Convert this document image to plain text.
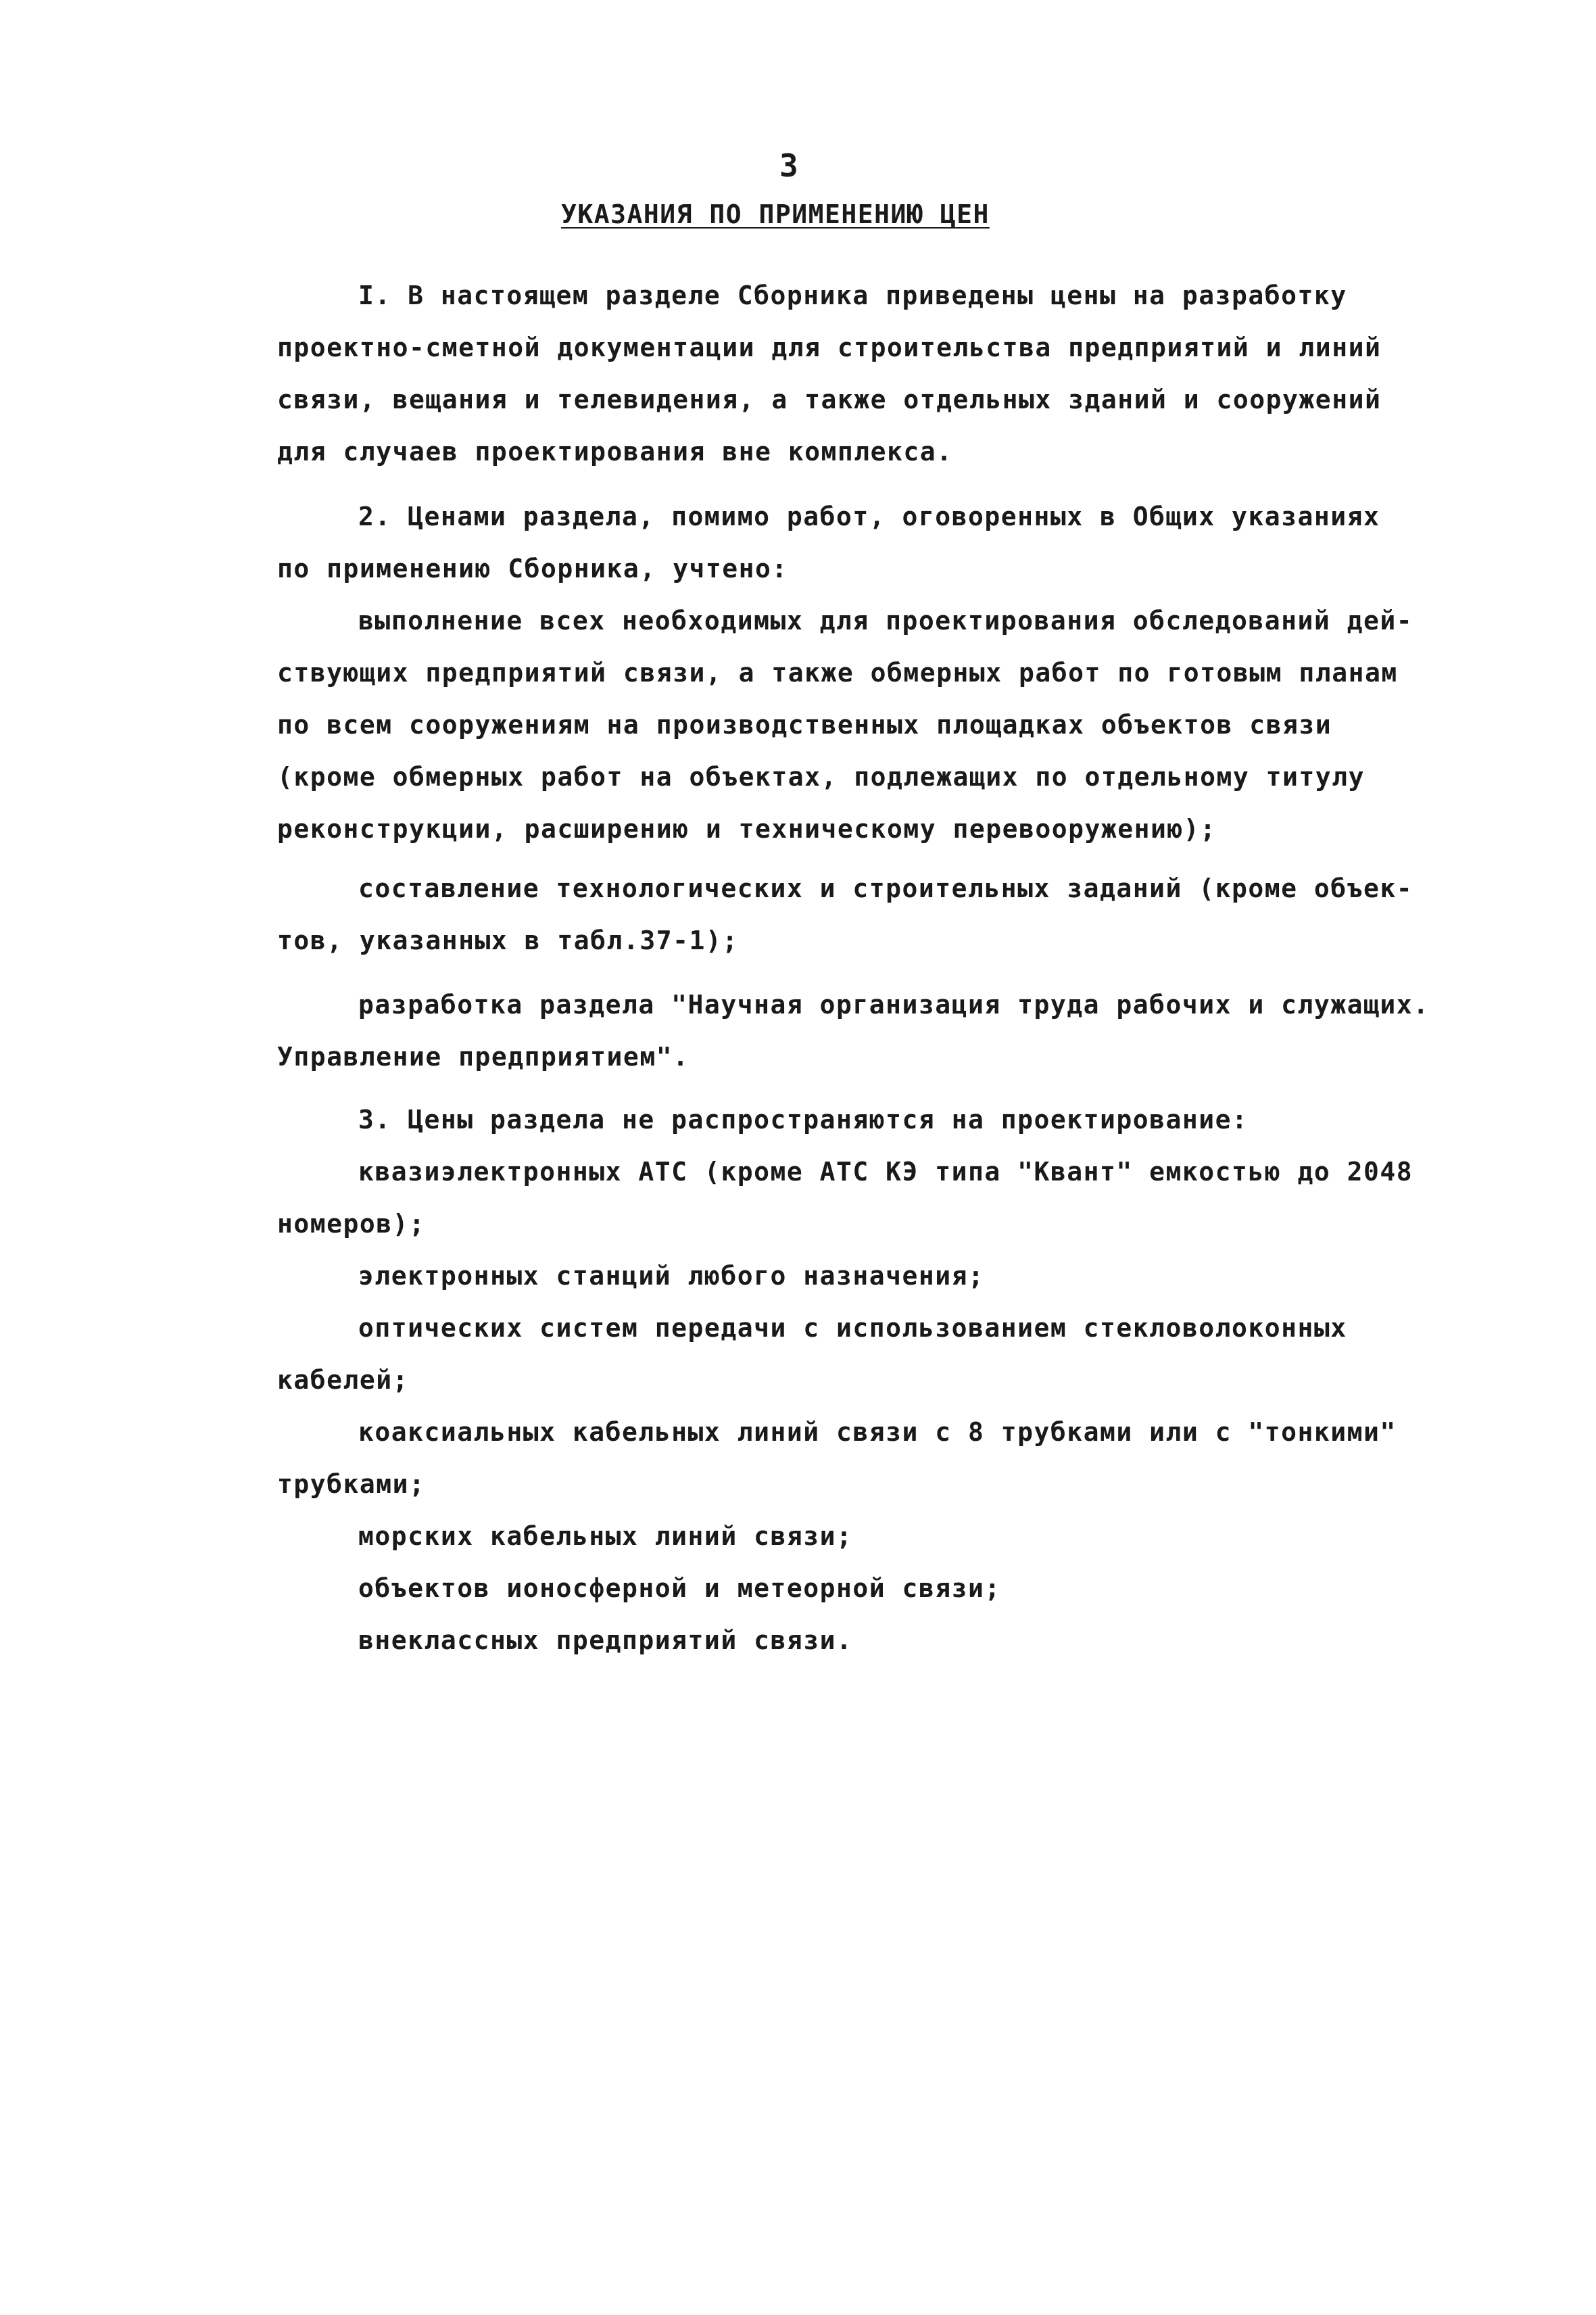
3
УКАЗАНИЯ ПО ПРИМЕНЕНИЮ ЦЕН
I. В настоящем разделе Сборника приведены цены на разработку
проектно-сметной документации для строительства предприятий и линий
связи, вещания и телевидения, а также отдельных зданий и сооружений
для случаев проектирования вне комплекса.
2. Ценами раздела, помимо работ, оговоренных в Общих указаниях
по применению Сборника, учтено:
выполнение всех необходимых для проектирования обследований дей-
ствующих предприятий связи, а также обмерных работ по готовым планам
по всем сооружениям на производственных площадках объектов связи
(кроме обмерных работ на объектах, подлежащих по отдельному титулу
реконструкции, расширению и техническому перевооружению);
составление технологических и строительных заданий (кроме объек-
тов, указанных в табл.37-1);
разработка раздела "Научная организация труда рабочих и служащих.
Управление предприятием".
3. Цены раздела не распространяются на проектирование:
квазиэлектронных АТС (кроме АТС КЭ типа "Квант" емкостью до 2048
номеров);
электронных станций любого назначения;
оптических систем передачи с использованием стекловолоконных
кабелей;
коаксиальных кабельных линий связи с 8 трубками или с "тонкими"
трубками;
морских кабельных линий связи;
объектов ионосферной и метеорной связи;
внеклассных предприятий связи.
